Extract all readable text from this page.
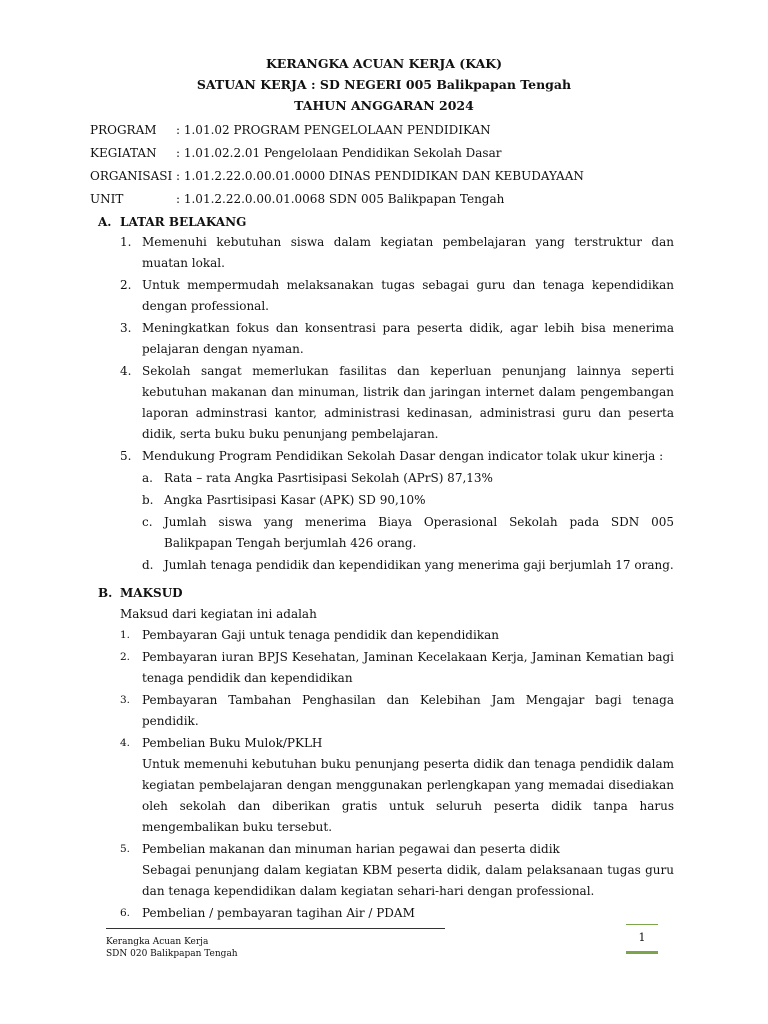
KERANGKA ACUAN KERJA (KAK)
SATUAN KERJA : SD NEGERI 005 Balikpapan Tengah
TAHUN ANGGARAN 2024
PROGRAM	: 1.01.02 PROGRAM PENGELOLAAN PENDIDIKAN
KEGIATAN	: 1.01.02.2.01 Pengelolaan Pendidikan Sekolah Dasar
ORGANISASI : 1.01.2.22.0.00.01.0000 DINAS PENDIDIKAN DAN KEBUDAYAAN
UNIT	: 1.01.2.22.0.00.01.0068 SDN 005 Balikpapan Tengah
A. LATAR BELAKANG
1. Memenuhi kebutuhan siswa dalam kegiatan pembelajaran yang terstruktur dan muatan lokal.
2. Untuk mempermudah melaksanakan tugas sebagai guru dan tenaga kependidikan dengan professional.
3. Meningkatkan fokus dan konsentrasi para peserta didik, agar lebih bisa menerima pelajaran dengan nyaman.
4. Sekolah sangat memerlukan fasilitas dan keperluan penunjang lainnya seperti kebutuhan makanan dan minuman, listrik dan jaringan internet dalam pengembangan laporan adminstrasi kantor, administrasi kedinasan, administrasi guru dan peserta didik, serta buku buku penunjang pembelajaran.
5. Mendukung Program Pendidikan Sekolah Dasar dengan indicator tolak ukur kinerja :
a. Rata – rata Angka Pasrtisipasi Sekolah (APrS) 87,13%
b. Angka Pasrtisipasi Kasar (APK) SD 90,10%
c. Jumlah siswa yang menerima Biaya Operasional Sekolah pada SDN 005 Balikpapan Tengah berjumlah 426 orang.
d. Jumlah tenaga pendidik dan kependidikan yang menerima gaji berjumlah 17 orang.
B. MAKSUD
Maksud dari kegiatan ini adalah
1. Pembayaran Gaji untuk tenaga pendidik dan kependidikan
2. Pembayaran iuran BPJS Kesehatan, Jaminan Kecelakaan Kerja, Jaminan Kematian bagi tenaga pendidik dan kependidikan
3. Pembayaran Tambahan Penghasilan dan Kelebihan Jam Mengajar bagi tenaga pendidik.
4. Pembelian Buku Mulok/PKLH
Untuk memenuhi kebutuhan buku penunjang peserta didik dan tenaga pendidik dalam kegiatan pembelajaran dengan menggunakan perlengkapan yang memadai disediakan oleh sekolah dan diberikan gratis untuk seluruh peserta didik tanpa harus mengembalikan buku tersebut.
5. Pembelian makanan dan minuman harian pegawai dan peserta didik
Sebagai penunjang dalam kegiatan KBM peserta didik, dalam pelaksanaan tugas guru dan tenaga kependidikan dalam kegiatan sehari-hari dengan professional.
6. Pembelian / pembayaran tagihan Air / PDAM
Kerangka Acuan Kerja
SDN 020 Balikpapan Tengah
1
